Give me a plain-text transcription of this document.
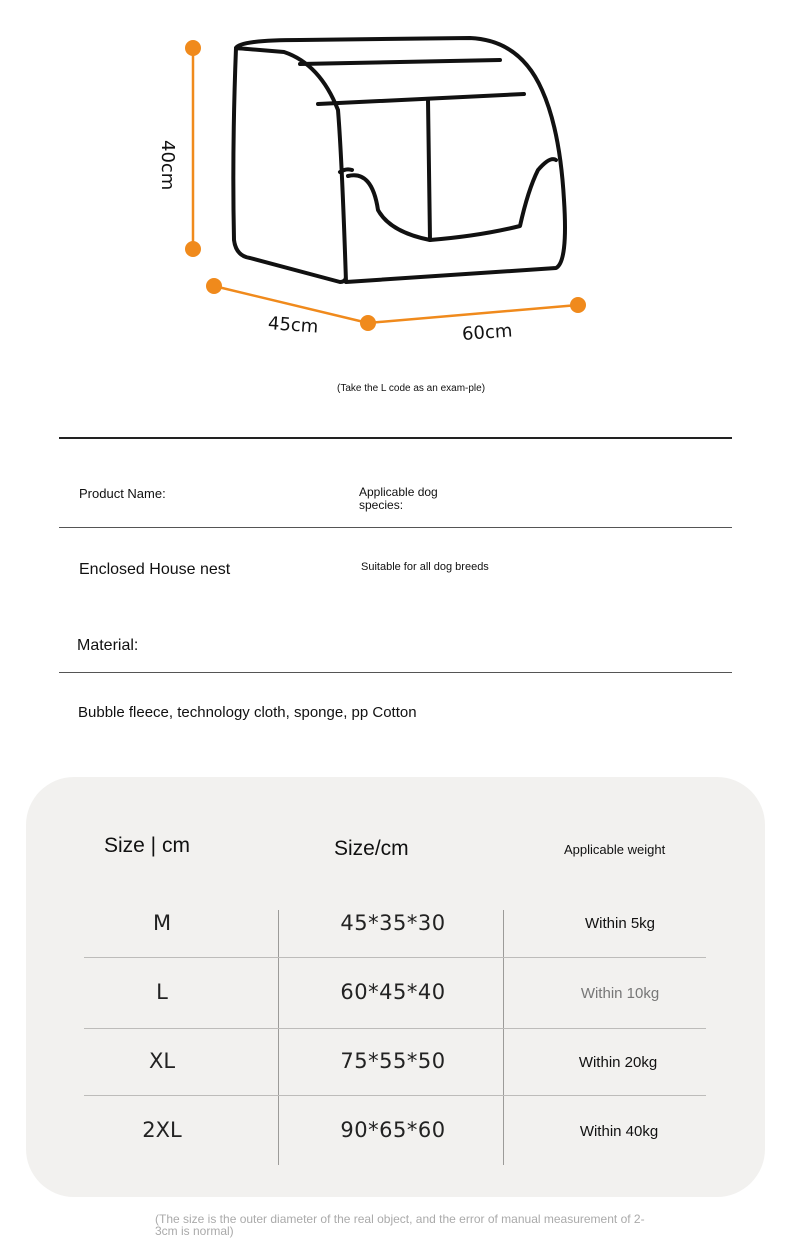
40cm
45cm	60cm
(Take the L code as an exam-ple)
Product Name:	Applicable dog species:
Enclosed House nest	Suitable for all dog breeds
Material:
Bubble fleece, technology cloth, sponge, pp Cotton
Size | cm	Size/cm	Applicable weight
M	45*35*30	Within 5kg
L	60*45*40	Within 10kg
XL	75*55*50	Within 20kg
2XL	90*65*60	Within 40kg
(The size is the outer diameter of the real object, and the error of manual measurement of 2-3cm is normal)
